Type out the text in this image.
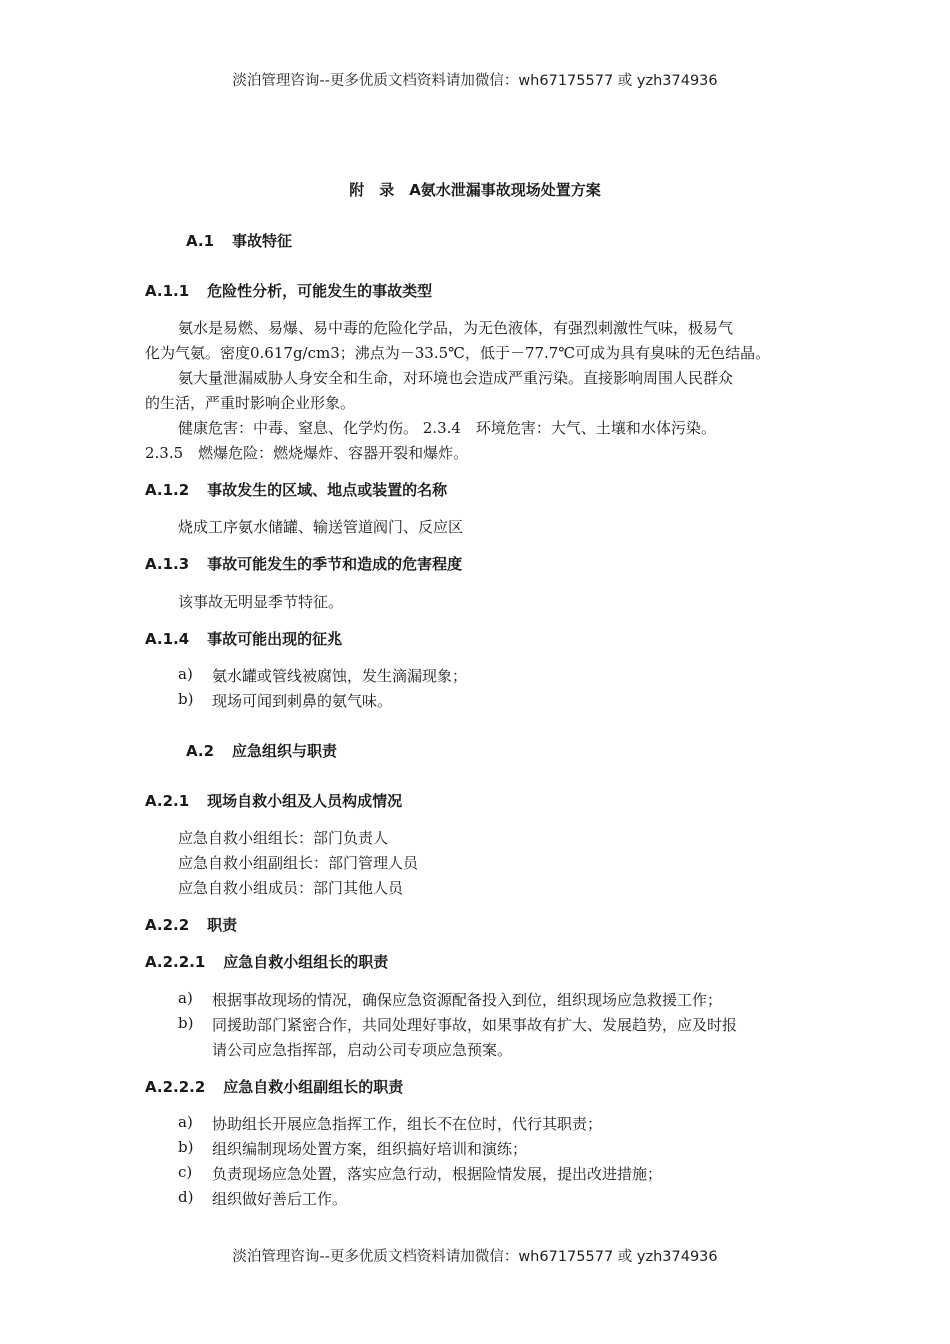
淡泊管理咨询--更多优质文档资料请加微信：wh67175577 或 yzh374936
附　录　A氨水泄漏事故现场处置方案
A.1 事故特征
A.1.1 危险性分析，可能发生的事故类型
氨水是易燃、易爆、易中毒的危险化学品，为无色液体，有强烈刺激性气味，极易气
化为气氨。密度0.617g/cm3；沸点为－33.5℃，低于－77.7℃可成为具有臭味的无色结晶。
氨大量泄漏威胁人身安全和生命，对环境也会造成严重污染。直接影响周围人民群众
的生活，严重时影响企业形象。
健康危害：中毒、窒息、化学灼伤。 2.3.4　环境危害：大气、土壤和水体污染。
2.3.5　燃爆危险：燃烧爆炸、容器开裂和爆炸。
A.1.2 事故发生的区域、地点或装置的名称
烧成工序氨水储罐、输送管道阀门、反应区
A.1.3 事故可能发生的季节和造成的危害程度
该事故无明显季节特征。
A.1.4 事故可能出现的征兆
a) 氨水罐或管线被腐蚀，发生滴漏现象；
b) 现场可闻到刺鼻的氨气味。
A.2 应急组织与职责
A.2.1 现场自救小组及人员构成情况
应急自救小组组长：部门负责人
应急自救小组副组长：部门管理人员
应急自救小组成员：部门其他人员
A.2.2 职责
A.2.2.1 应急自救小组组长的职责
a) 根据事故现场的情况，确保应急资源配备投入到位，组织现场应急救援工作；
b) 同援助部门紧密合作，共同处理好事故，如果事故有扩大、发展趋势，应及时报
请公司应急指挥部，启动公司专项应急预案。
A.2.2.2 应急自救小组副组长的职责
a) 协助组长开展应急指挥工作，组长不在位时，代行其职责；
b) 组织编制现场处置方案，组织搞好培训和演练；
c) 负责现场应急处置，落实应急行动，根据险情发展，提出改进措施；
d) 组织做好善后工作。
淡泊管理咨询--更多优质文档资料请加微信：wh67175577 或 yzh374936
